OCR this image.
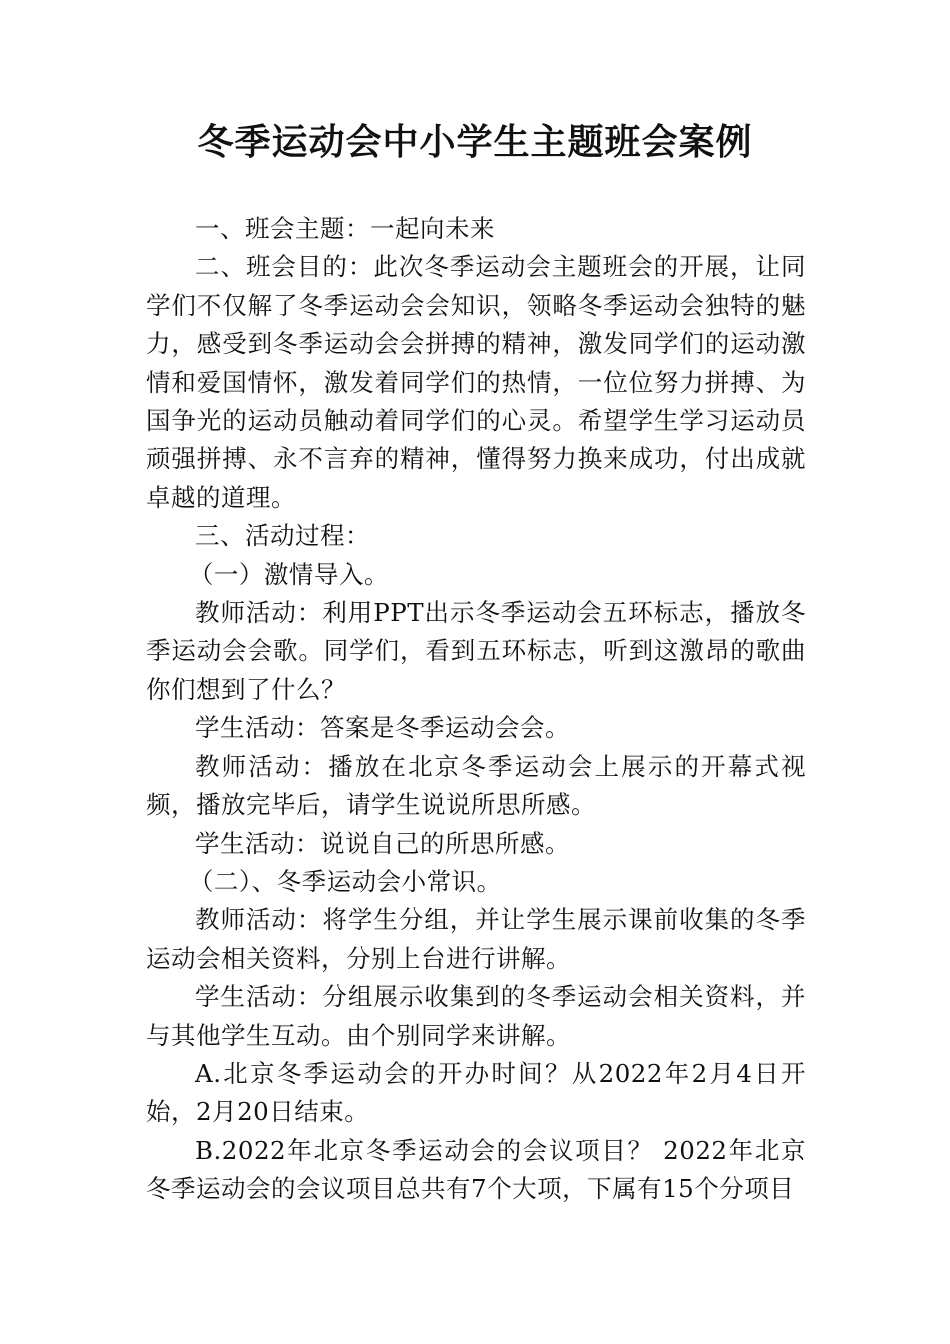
冬季运动会中小学生主题班会案例

一、班会主题：一起向未来

二、班会目的：此次冬季运动会主题班会的开展，让同学们不仅解了冬季运动会会知识，领略冬季运动会独特的魅力，感受到冬季运动会会拼搏的精神，激发同学们的运动激情和爱国情怀，激发着同学们的热情，一位位努力拼搏、为国争光的运动员触动着同学们的心灵。希望学生学习运动员顽强拼搏、永不言弃的精神，懂得努力换来成功，付出成就卓越的道理。

三、活动过程：

（一）激情导入。

教师活动：利用PPT出示冬季运动会五环标志，播放冬季运动会会歌。同学们，看到五环标志，听到这激昂的歌曲你们想到了什么？

学生活动：答案是冬季运动会会。

教师活动：播放在北京冬季运动会上展示的开幕式视频，播放完毕后，请学生说说所思所感。

学生活动：说说自己的所思所感。

（二）、冬季运动会小常识。

教师活动：将学生分组，并让学生展示课前收集的冬季运动会相关资料，分别上台进行讲解。

学生活动：分组展示收集到的冬季运动会相关资料，并与其他学生互动。由个别同学来讲解。

A.北京冬季运动会的开办时间？从2022年2月4日开始，2月20日结束。

B.2022年北京冬季运动会的会议项目？ 2022年北京冬季运动会的会议项目总共有7个大项，下属有15个分项目
